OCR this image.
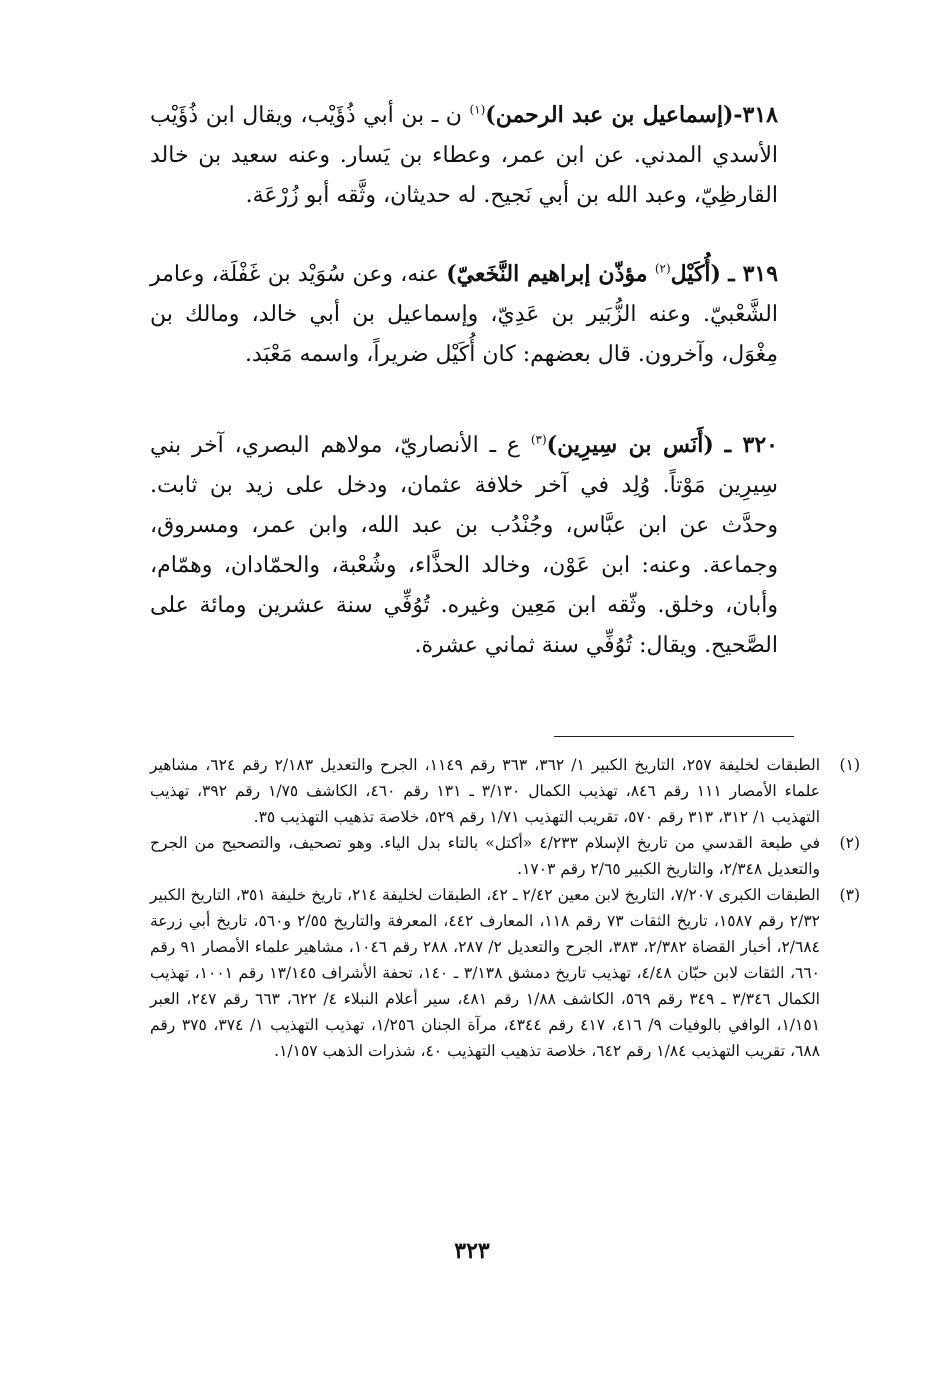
٣١٨-(إسماعيل بن عبد الرحمن)$^{(١)}$ ن ـ بن أبي ذُؤَيْب، ويقال ابن ذُؤَيْب الأسدي المدني. عن ابن عمر، وعطاء بن يَسار. وعنه سعيد بن خالد القارظِيّ، وعبد الله بن أبي نَجيح. له حديثان، وثَّقه أبو زُرْعَة.

٣١٩ ـ (أُكَيْل$^{(٢)}$ مؤذّن إبراهيم النَّخَعيّ) عنه، وعن سُوَيْد بن غَفْلَة، وعامر الشَّعْبيّ. وعنه الزُّبَير بن عَدِيّ، وإسماعيل بن أبي خالد، ومالك بن مِغْوَل، وآخرون. قال بعضهم: كان أُكَيْل ضريراً، واسمه مَعْبَد.

٣٢٠ ـ (أَنَس بن سِيرِين)$^{(٣)}$ ع ـ الأنصاريّ، مولاهم البصري، آخر بني سِيرِين مَوْتاً. وُلِد في آخر خلافة عثمان، ودخل على زيد بن ثابت. وحدَّث عن ابن عبَّاس، وجُنْدُب بن عبد الله، وابن عمر، ومسروق، وجماعة. وعنه: ابن عَوْن، وخالد الحذَّاء، وشُعْبة، والحمّادان، وهمّام، وأبان، وخلق. وثّقه ابن مَعِين وغيره. تُوُفِّي سنة عشرين ومائة على الصَّحيح. ويقال: تُوُفِّي سنة ثماني عشرة.

(١)
الطبقات لخليفة ٢٥٧، التاريخ الكبير ١/ ٣٦٢، ٣٦٣ رقم ١١٤٩، الجرح والتعديل ٢/١٨٣ رقم ٦٢٤، مشاهير علماء الأمصار ١١١ رقم ٨٤٦، تهذيب الكمال ٣/١٣٠ ـ ١٣١ رقم ٤٦٠، الكاشف ١/٧٥ رقم ٣٩٢، تهذيب التهذيب ١/ ٣١٢، ٣١٣ رقم ٥٧٠، تقريب التهذيب ١/٧١ رقم ٥٢٩، خلاصة تذهيب التهذيب ٣٥.
(٢)
في طبعة القدسي من تاريخ الإسلام ٤/٢٣٣ «أكتل» بالتاء بدل الياء. وهو تصحيف، والتصحيح من الجرح والتعديل ٢/٣٤٨، والتاريخ الكبير ٢/٦٥ رقم ١٧٠٣.
(٣)
الطبقات الكبرى ٧/٢٠٧، التاريخ لابن معين ٢/٤٢ ـ ٤٢، الطبقات لخليفة ٢١٤، تاريخ خليفة ٣٥١، التاريخ الكبير ٢/٣٢ رقم ١٥٨٧، تاريخ الثقات ٧٣ رقم ١١٨، المعارف ٤٤٢، المعرفة والتاريخ ٢/٥٥ و٥٦٠، تاريخ أبي زرعة ٢/٦٨٤، أخبار القضاة ٢/٣٨٢، ٣٨٣، الجرح والتعديل ٢/ ٢٨٧، ٢٨٨ رقم ١٠٤٦، مشاهير علماء الأمصار ٩١ رقم ٦٦٠، الثقات لابن حبّان ٤/٤٨، تهذيب تاريخ دمشق ٣/١٣٨ ـ ١٤٠، تحفة الأشراف ١٣/١٤٥ رقم ١٠٠١، تهذيب الكمال ٣/٣٤٦ ـ ٣٤٩ رقم ٥٦٩، الكاشف ١/٨٨ رقم ٤٨١، سير أعلام النبلاء ٤/ ٦٢٢، ٦٦٣ رقم ٢٤٧، العبر ١/١٥١، الوافي بالوفيات ٩/ ٤١٦، ٤١٧ رقم ٤٣٤٤، مرآة الجنان ١/٢٥٦، تهذيب التهذيب ١/ ٣٧٤، ٣٧٥ رقم ٦٨٨، تقريب التهذيب ١/٨٤ رقم ٦٤٢، خلاصة تذهيب التهذيب ٤٠، شذرات الذهب ١/١٥٧.
٣٢٣
